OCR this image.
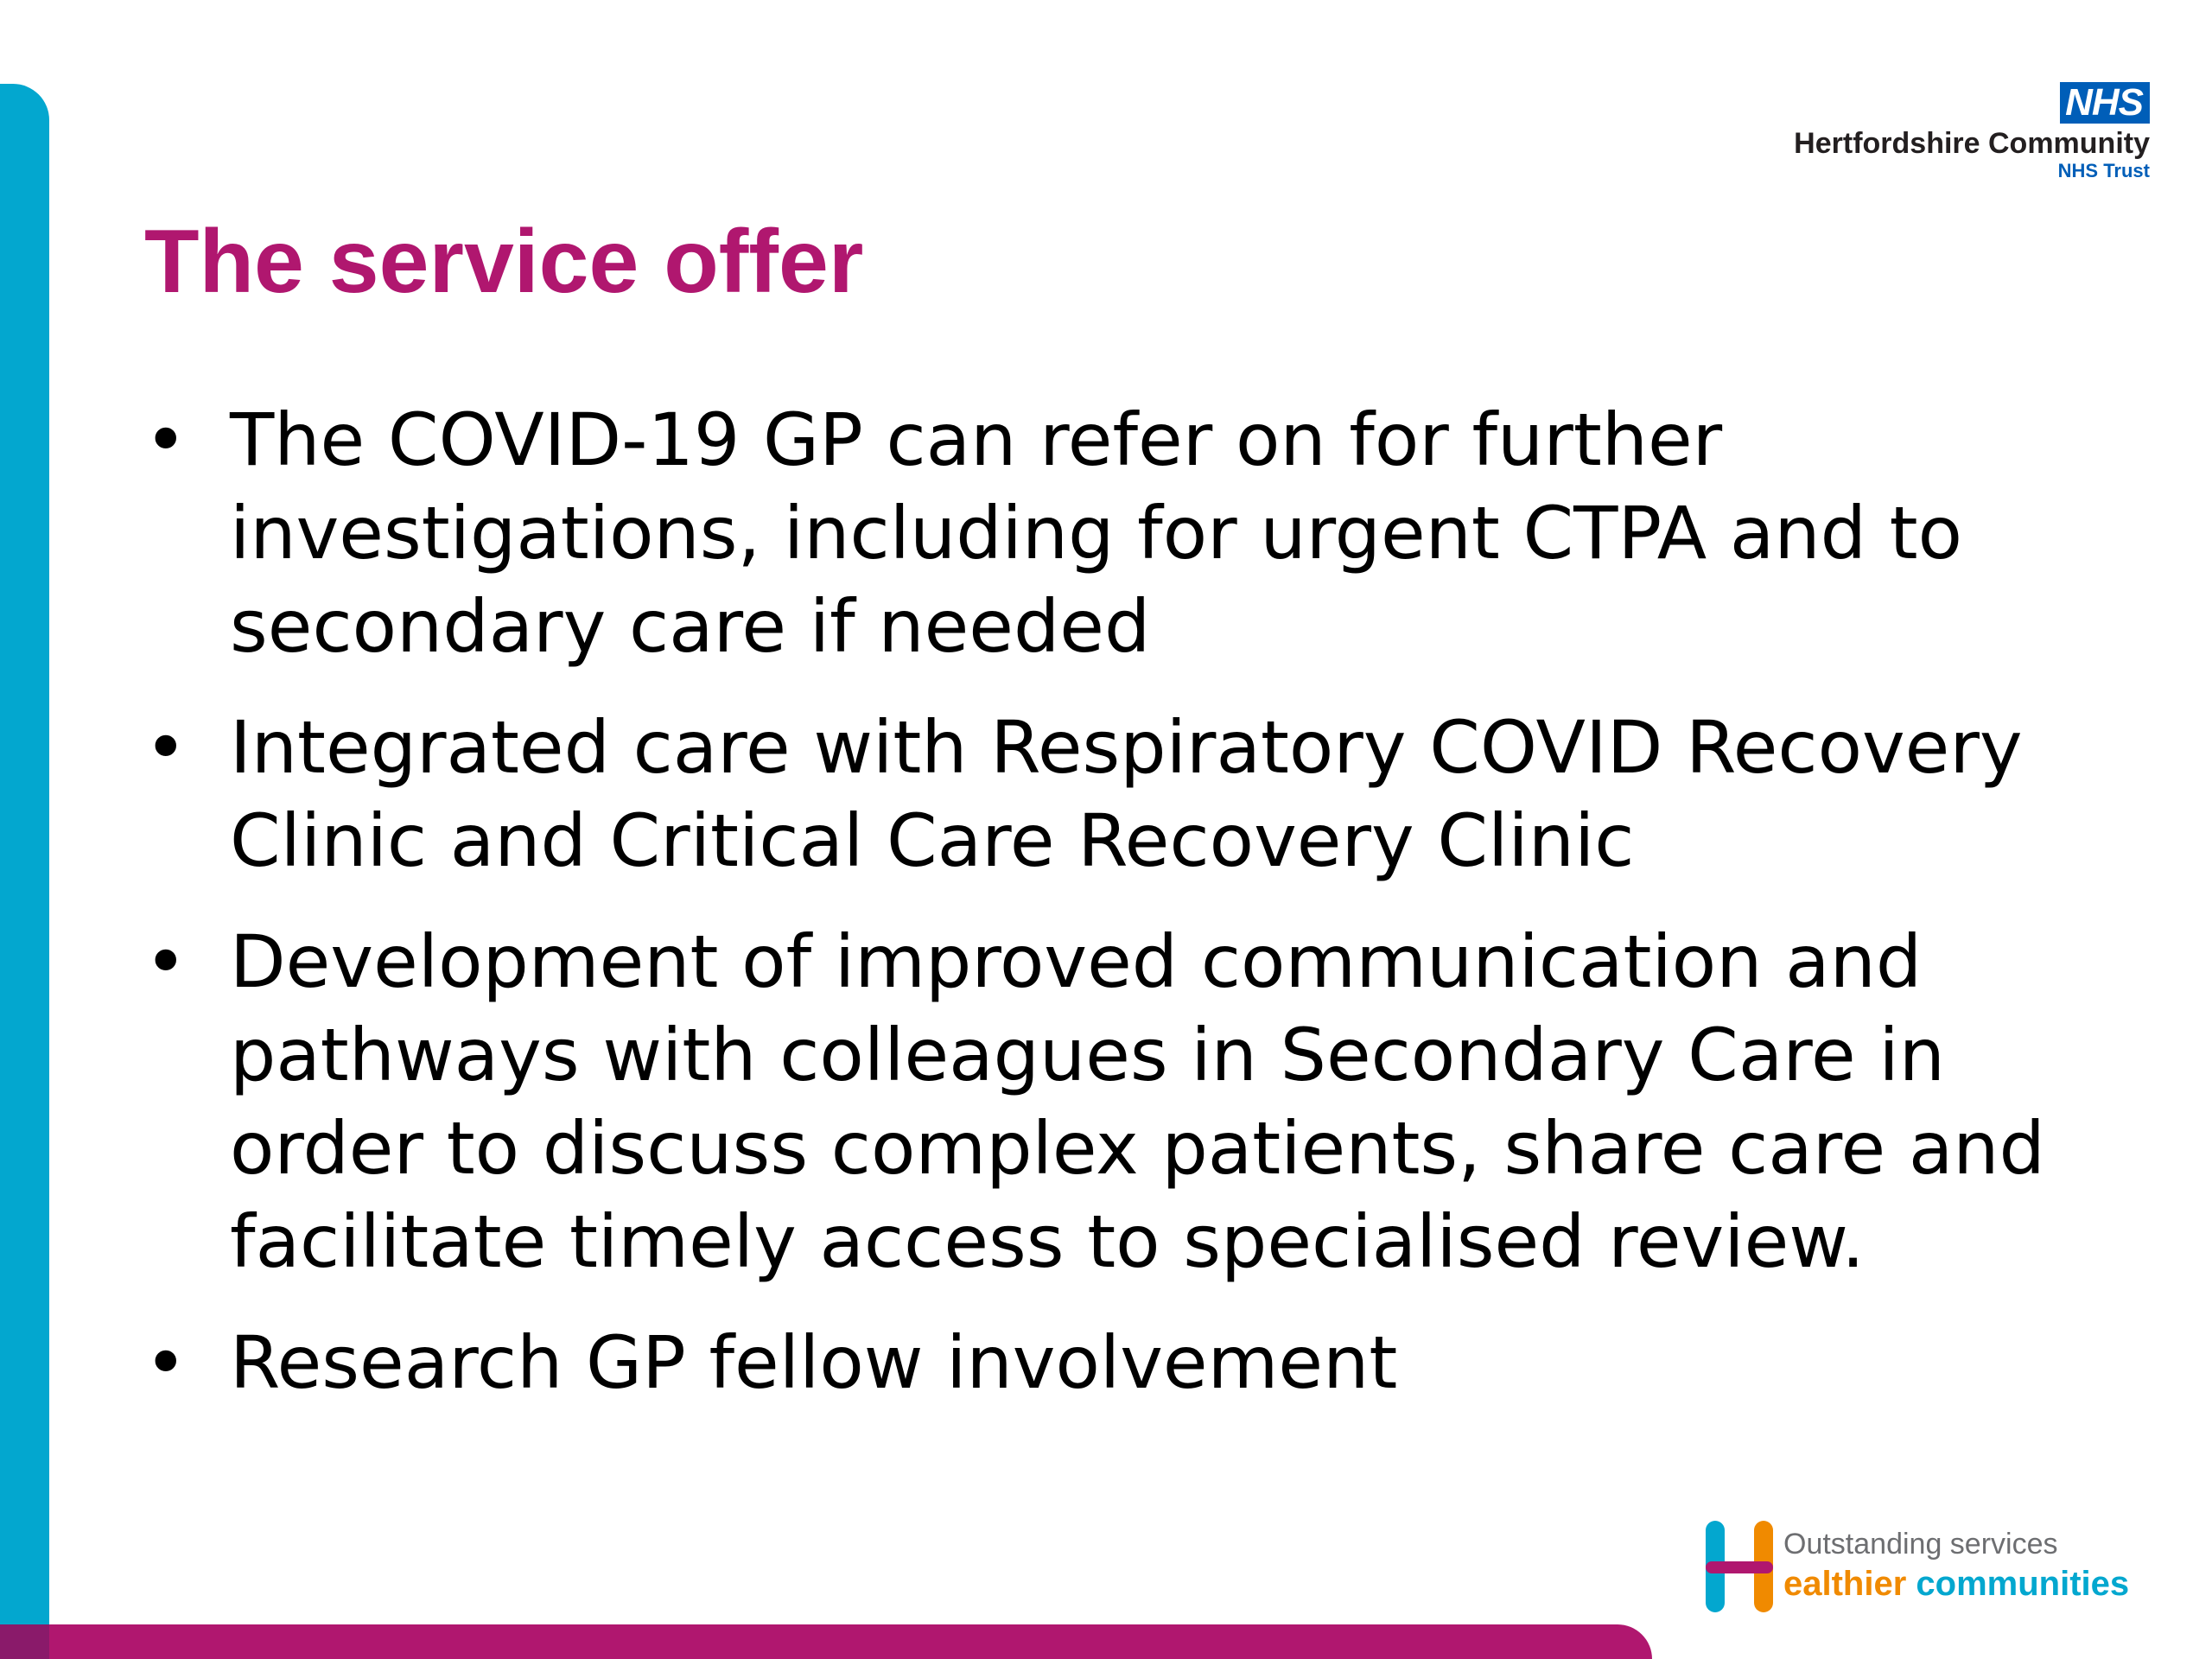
NHS
Hertfordshire Community
NHS Trust
The service offer
• The COVID-19 GP can refer on for further investigations, including for urgent CTPA and to secondary care if needed
• Integrated care with Respiratory COVID Recovery Clinic and Critical Care Recovery Clinic
• Development of improved communication and pathways with colleagues in Secondary Care in order to discuss complex patients, share care and facilitate timely access to specialised review.
• Research GP fellow involvement
Outstanding services
ealthier communities
